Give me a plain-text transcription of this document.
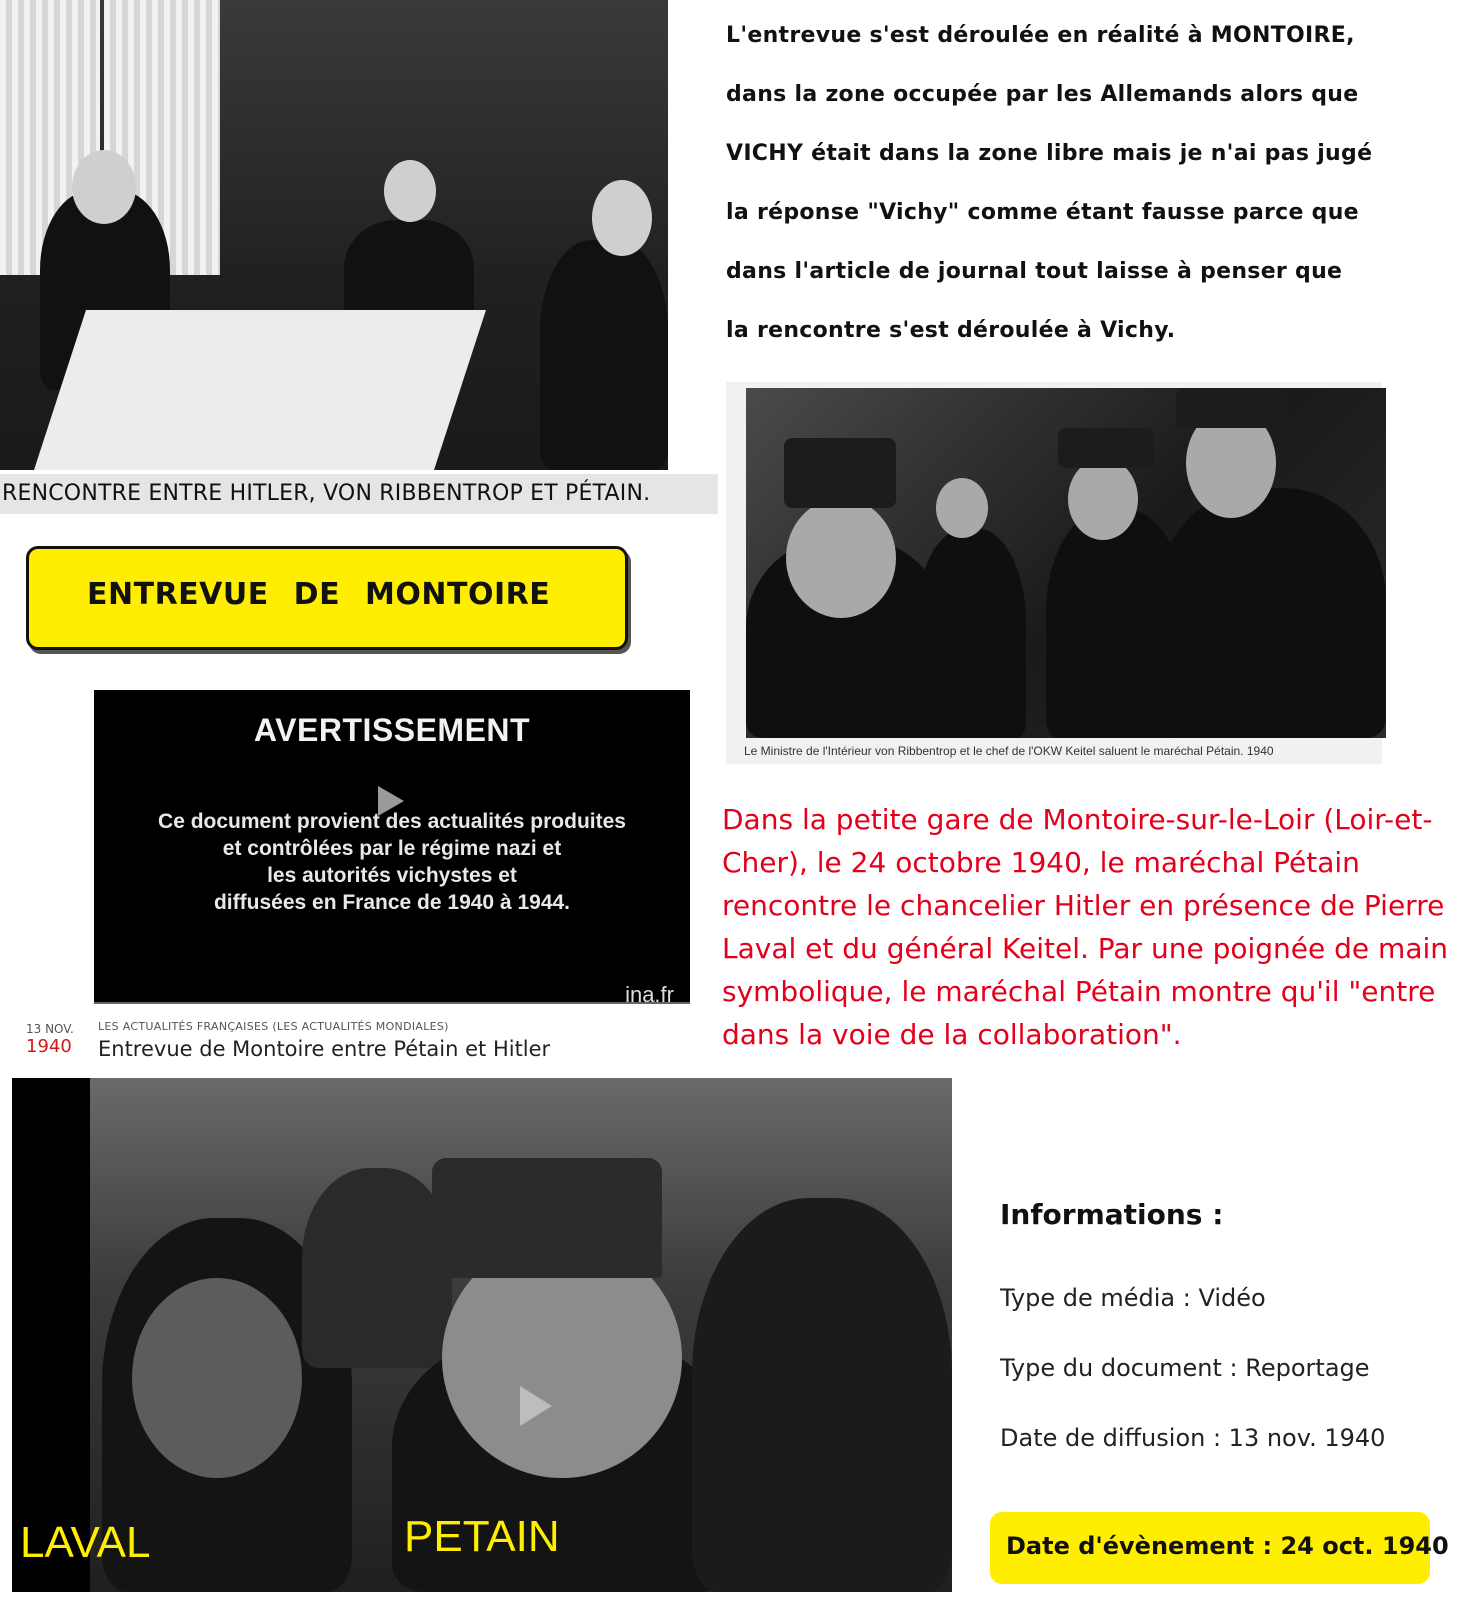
RENCONTRE ENTRE HITLER, VON RIBBENTROP ET PÉTAIN.
ENTREVUE DE MONTOIRE
L'entrevue s'est déroulée en réalité à MONTOIRE,
dans la zone occupée par les Allemands alors que
VICHY était dans la zone libre mais je n'ai pas jugé
la réponse "Vichy" comme étant fausse parce que
dans l'article de journal tout laisse à penser que
la rencontre s'est déroulée à Vichy.
Le Ministre de l'Intérieur von Ribbentrop et le chef de l'OKW Keitel saluent le maréchal Pétain. 1940
Dans la petite gare de Montoire-sur-le-Loir (Loir-et-
Cher), le 24 octobre 1940, le maréchal Pétain
rencontre le chancelier Hitler en présence de Pierre
Laval et du général Keitel. Par une poignée de main
symbolique, le maréchal Pétain montre qu'il "entre
dans la voie de la collaboration".
AVERTISSEMENT
Ce document provient des actualités produites
et contrôlées par le régime nazi et
les autorités vichystes et
diffusées en France de 1940 à 1944.
ina.fr
13 NOV.
1940
LES ACTUALITÉS FRANÇAISES (LES ACTUALITÉS MONDIALES)
Entrevue de Montoire entre Pétain et Hitler
LAVAL	PETAIN
Informations :
Type de média : Vidéo
Type du document : Reportage
Date de diffusion : 13 nov. 1940
Date d'évènement : 24 oct. 1940
